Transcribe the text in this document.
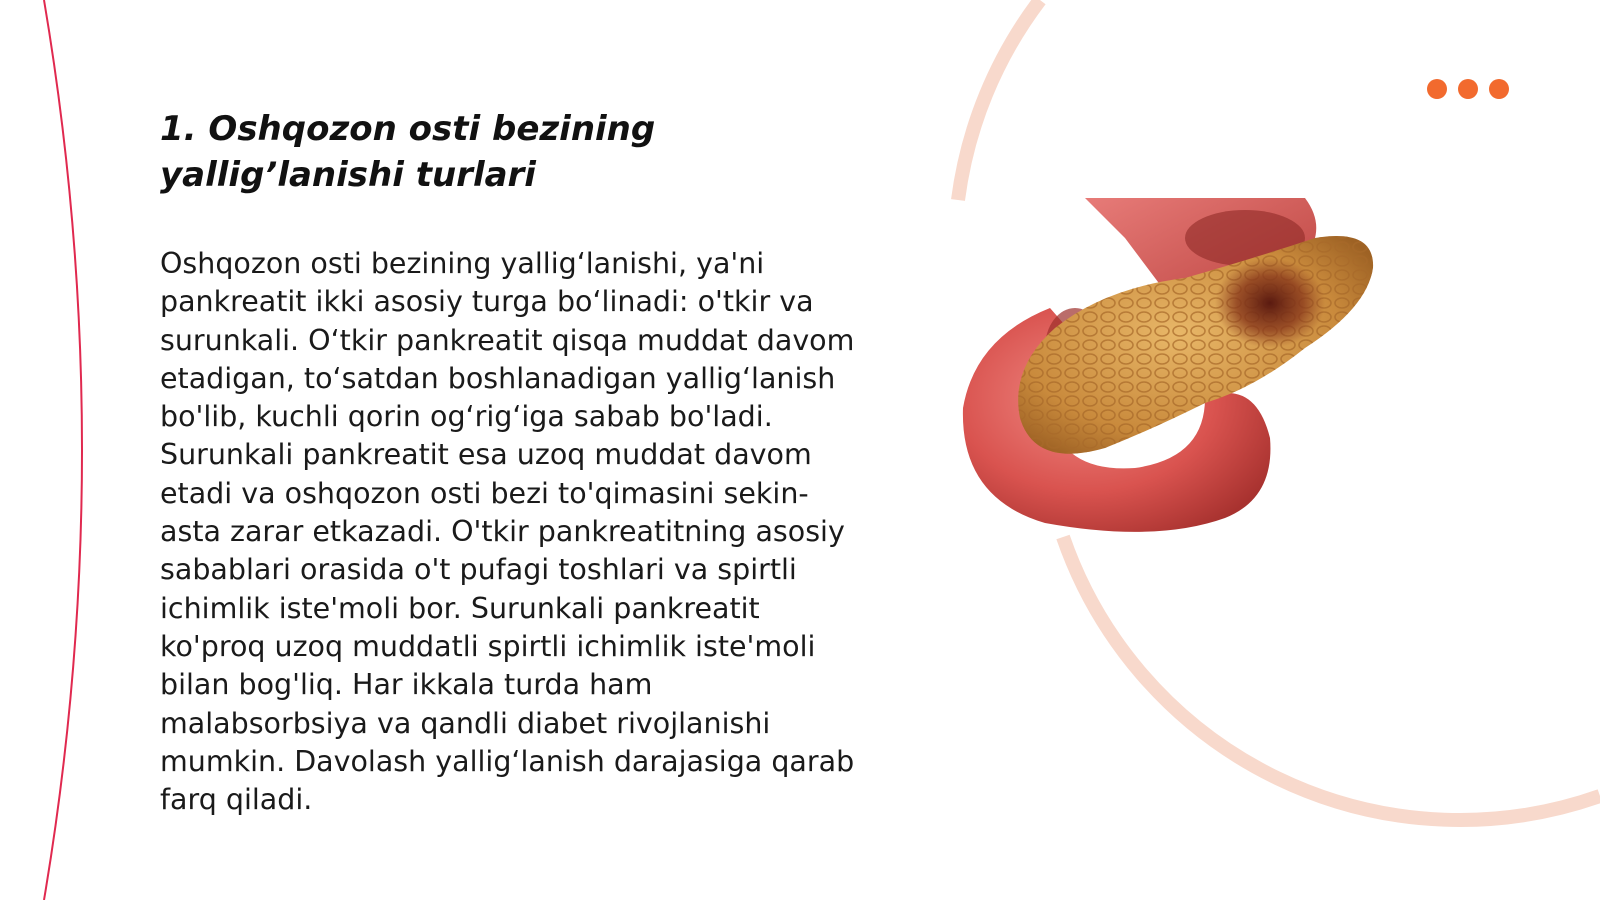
1. Oshqozon osti bezining
yallig’lanishi turlari

Oshqozon osti bezining yallig‘lanishi, ya'ni pankreatit ikki asosiy turga bo‘linadi: o'tkir va surunkali. O‘tkir pankreatit qisqa muddat davom etadigan, to‘satdan boshlanadigan yallig‘lanish bo'lib, kuchli qorin og‘rig‘iga sabab bo'ladi. Surunkali pankreatit esa uzoq muddat davom etadi va oshqozon osti bezi to'qimasini sekin-asta zarar etkazadi. O'tkir pankreatitning asosiy sabablari orasida o't pufagi toshlari va spirtli ichimlik iste'moli bor. Surunkali pankreatit ko'proq uzoq muddatli spirtli ichimlik iste'moli bilan bog'liq. Har ikkala turda ham malabsorbsiya va qandli diabet rivojlanishi mumkin. Davolash yallig‘lanish darajasiga qarab farq qiladi.
